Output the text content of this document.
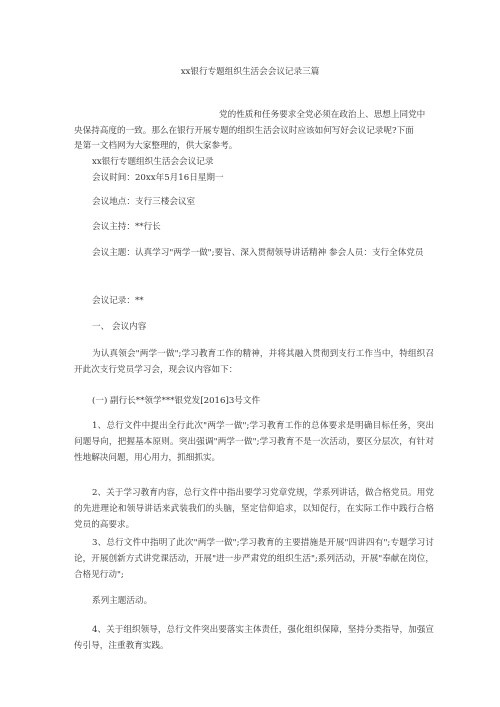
xx银行专题组织生活会会议记录三篇
党的性质和任务要求全党必须在政治上、思想上同党中
央保持高度的一致。那么在银行开展专题的组织生活会议时应该如何写好会议记录呢?下面
是第一文档网为大家整理的，供大家参考。
xx银行专题组织生活会会议记录
会议时间：20xx年5月16日星期一
会议地点：支行三楼会议室
会议主持：**行长
会议主题：认真学习"两学一做";要旨、深入贯彻领导讲话精神 参会人员：支行全体党员
会议记录：**
一、 会议内容
为认真领会"两学一做";学习教育工作的精神，并将其融入贯彻到支行工作当中，特组织召开此次支行党员学习会，现会议内容如下：
(一) 副行长**领学***银党发[2016]3号文件
1、总行文件中提出全行此次"两学一做";学习教育工作的总体要求是明确目标任务，突出问题导向，把握基本原则。突出强调"两学一做";学习教育不是一次活动，要区分层次，有针对性地解决问题，用心用力，抓细抓实。
2、关于学习教育内容，总行文件中指出要学习党章党规，学系列讲话，做合格党员。用党的先进理论和领导讲话来武装我们的头脑，坚定信仰追求，以知促行，在实际工作中践行合格党员的高要求。
3、总行文件中指明了此次"两学一做";学习教育的主要措施是开展"四讲四有";专题学习讨论，开展创新方式讲党课活动，开展"进一步严肃党的组织生活";系列活动，开展"奉献在岗位，合格见行动";
系列主题活动。
4、关于组织领导，总行文件突出要落实主体责任，强化组织保障，坚持分类指导，加强宣传引导，注重教育实践。
